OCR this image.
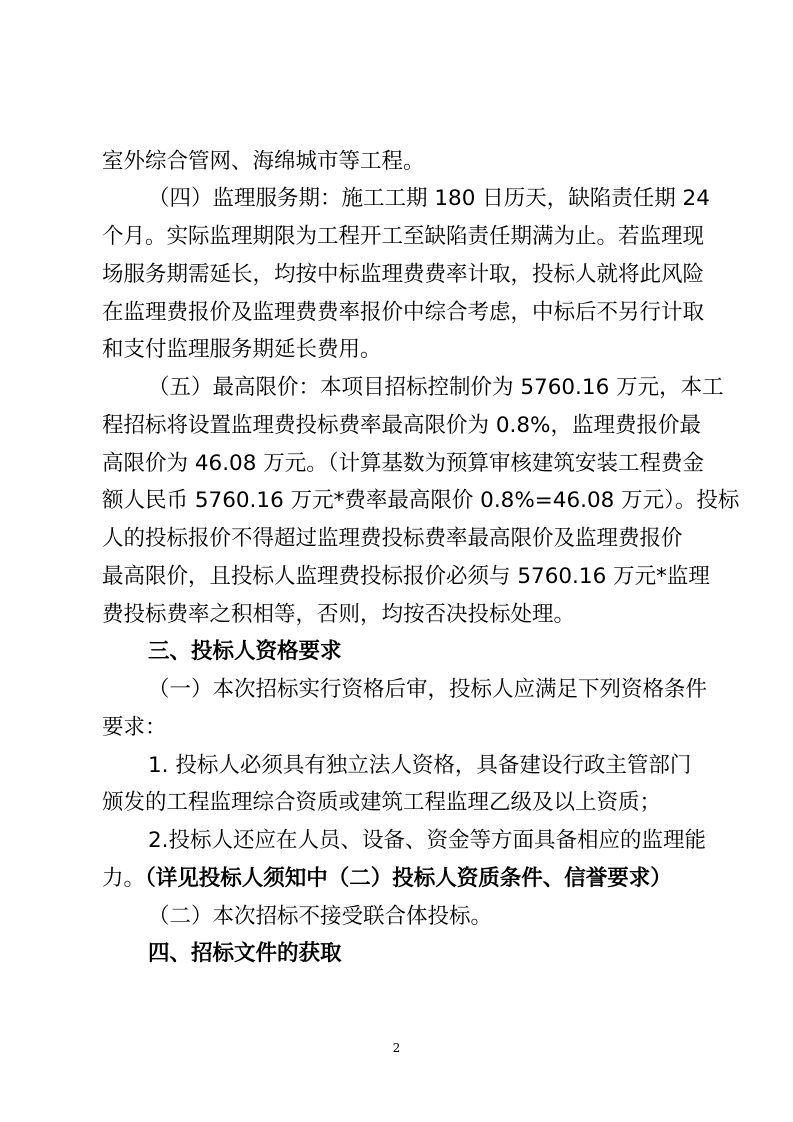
室外综合管网、海绵城市等工程。
（四）监理服务期：施工工期 180 日历天，缺陷责任期 24
个月。实际监理期限为工程开工至缺陷责任期满为止。若监理现
场服务期需延长，均按中标监理费费率计取，投标人就将此风险
在监理费报价及监理费费率报价中综合考虑，中标后不另行计取
和支付监理服务期延长费用。
（五）最高限价：本项目招标控制价为 5760.16 万元，本工
程招标将设置监理费投标费率最高限价为 0.8%，监理费报价最
高限价为 46.08 万元。（计算基数为预算审核建筑安装工程费金
额人民币 5760.16 万元*费率最高限价 0.8%=46.08 万元）。投标
人的投标报价不得超过监理费投标费率最高限价及监理费报价
最高限价，且投标人监理费投标报价必须与 5760.16 万元*监理
费投标费率之积相等，否则，均按否决投标处理。
三、投标人资格要求
（一）本次招标实行资格后审，投标人应满足下列资格条件
要求：
1. 投标人必须具有独立法人资格，具备建设行政主管部门
颁发的工程监理综合资质或建筑工程监理乙级及以上资质；
2.投标人还应在人员、设备、资金等方面具备相应的监理能
力。（详见投标人须知中（二）投标人资质条件、信誉要求）
（二）本次招标不接受联合体投标。
四、招标文件的获取
2
